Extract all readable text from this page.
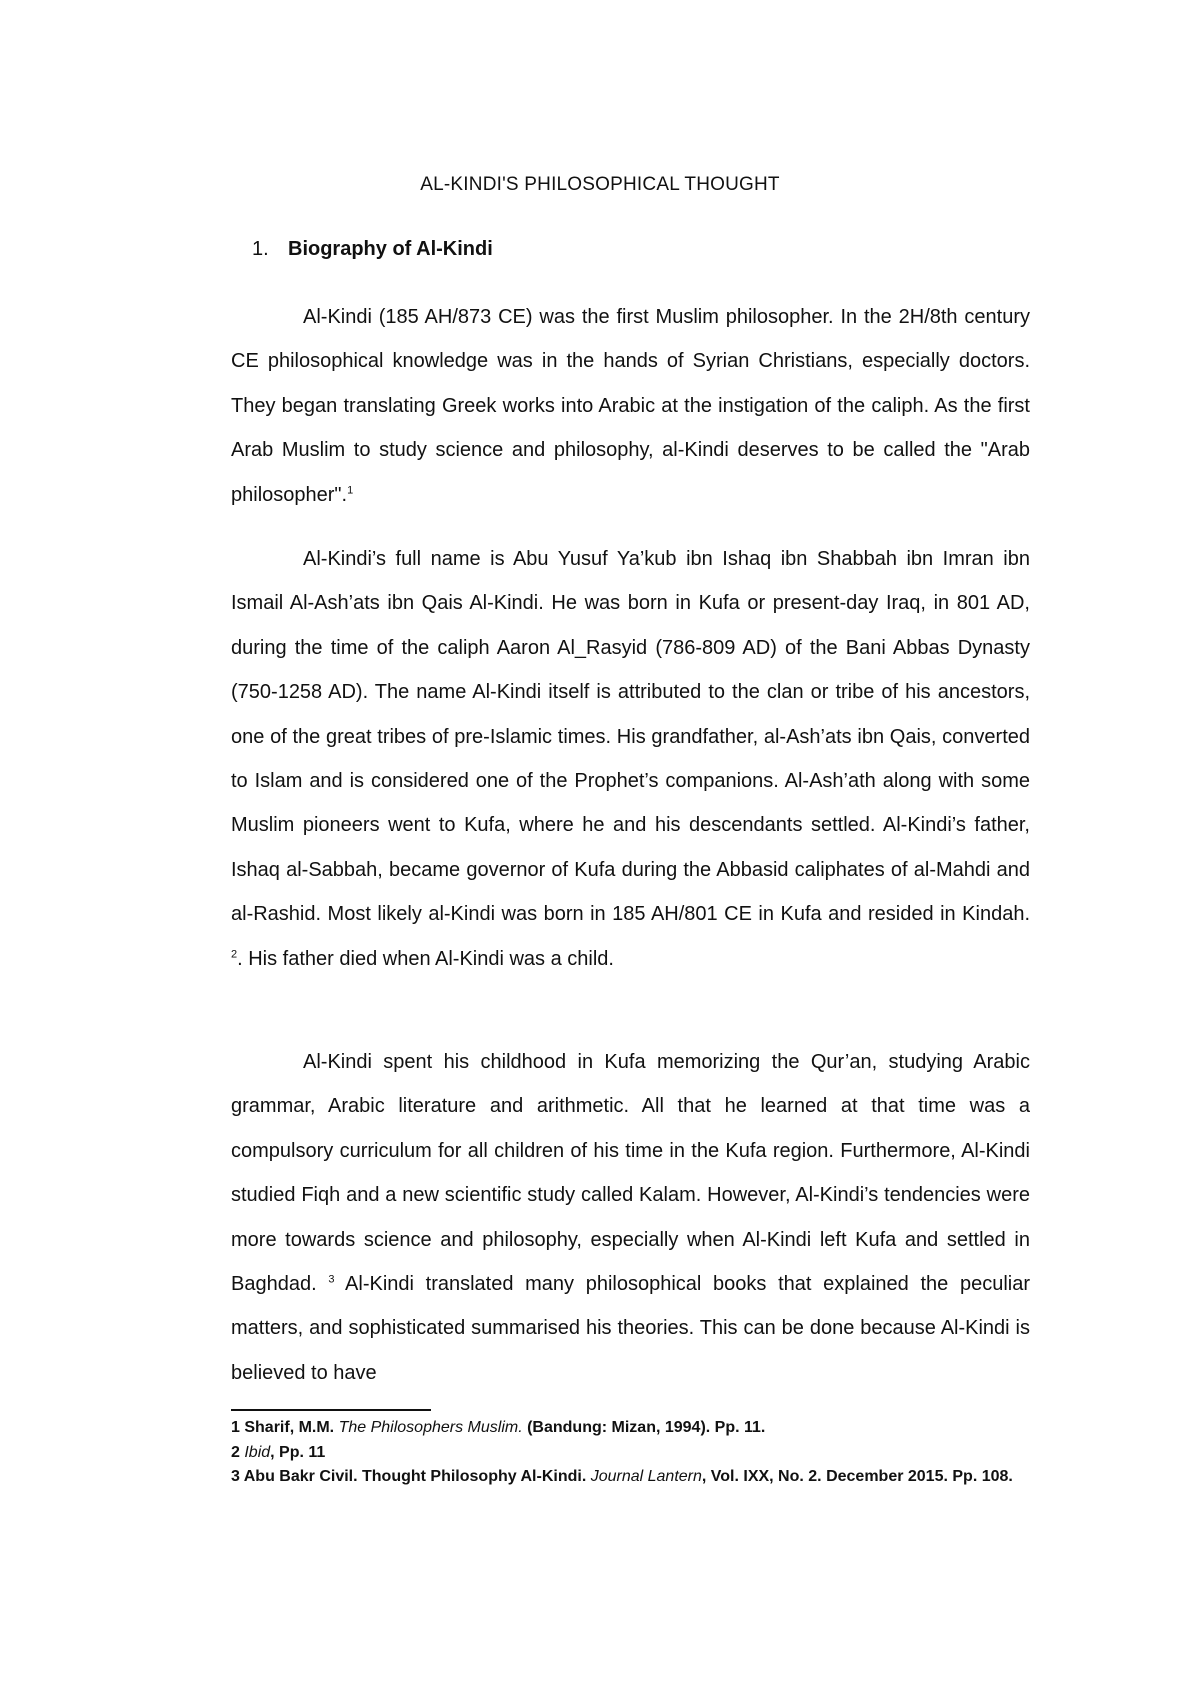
AL-KINDI'S PHILOSOPHICAL THOUGHT
1. Biography of Al-Kindi

Al-Kindi (185 AH/873 CE) was the first Muslim philosopher. In the 2H/8th century CE philosophical knowledge was in the hands of Syrian Christians, especially doctors. They began translating Greek works into Arabic at the instigation of the caliph. As the first Arab Muslim to study science and philosophy, al-Kindi deserves to be called the "Arab philosopher".$^1$

Al-Kindi’s full name is Abu Yusuf Ya’kub ibn Ishaq ibn Shabbah ibn Imran ibn Ismail Al-Ash’ats ibn Qais Al-Kindi. He was born in Kufa or present-day Iraq, in 801 AD, during the time of the caliph Aaron Al_Rasyid (786-809 AD) of the Bani Abbas Dynasty (750-1258 AD). The name Al-Kindi itself is attributed to the clan or tribe of his ancestors, one of the great tribes of pre-Islamic times. His grandfather, al-Ash’ats ibn Qais, converted to Islam and is considered one of the Prophet’s companions. Al-Ash’ath along with some Muslim pioneers went to Kufa, where he and his descendants settled. Al-Kindi’s father, Ishaq al-Sabbah, became governor of Kufa during the Abbasid caliphates of al-Mahdi and al-Rashid. Most likely al-Kindi was born in 185 AH/801 CE in Kufa and resided in Kindah. $^2$. His father died when Al-Kindi was a child.

Al-Kindi spent his childhood in Kufa memorizing the Qur’an, studying Arabic grammar, Arabic literature and arithmetic. All that he learned at that time was a compulsory curriculum for all children of his time in the Kufa region. Furthermore, Al-Kindi studied Fiqh and a new scientific study called Kalam. However, Al-Kindi’s tendencies were more towards science and philosophy, especially when Al-Kindi left Kufa and settled in Baghdad. $^3$ Al-Kindi translated many philosophical books that explained the peculiar matters, and sophisticated summarised his theories. This can be done because Al-Kindi is believed to have

1 Sharif, M.M. The Philosophers Muslim. (Bandung: Mizan, 1994). Pp. 11.
2 Ibid, Pp. 11
3 Abu Bakr Civil. Thought Philosophy Al-Kindi. Journal Lantern, Vol. IXX, No. 2. December 2015. Pp. 108.
